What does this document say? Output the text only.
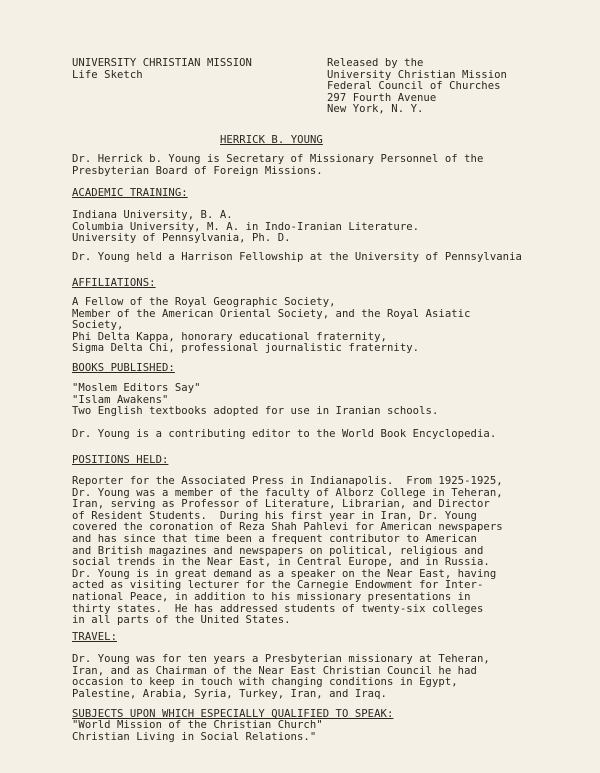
UNIVERSITY CHRISTIAN MISSION
Life Sketch
Released by the
University Christian Mission
Federal Council of Churches
297 Fourth Avenue
New York, N. Y.
HERRICK B. YOUNG
Dr. Herrick b. Young is Secretary of Missionary Personnel of the
Presbyterian Board of Foreign Missions.
ACADEMIC TRAINING:
Indiana University, B. A.
Columbia University, M. A. in Indo-Iranian Literature.
University of Pennsylvania, Ph. D.
Dr. Young held a Harrison Fellowship at the University of Pennsylvania
AFFILIATIONS:
A Fellow of the Royal Geographic Society,
Member of the American Oriental Society, and the Royal Asiatic
Society,
Phi Delta Kappa, honorary educational fraternity,
Sigma Delta Chi, professional journalistic fraternity.
BOOKS PUBLISHED:
"Moslem Editors Say"
"Islam Awakens"
Two English textbooks adopted for use in Iranian schools.
Dr. Young is a contributing editor to the World Book Encyclopedia.
POSITIONS HELD:
Reporter for the Associated Press in Indianapolis.  From 1925-1925,
Dr. Young was a member of the faculty of Alborz College in Teheran,
Iran, serving as Professor of Literature, Librarian, and Director
of Resident Students.  During his first year in Iran, Dr. Young
covered the coronation of Reza Shah Pahlevi for American newspapers
and has since that time been a frequent contributor to American
and British magazines and newspapers on political, religious and
social trends in the Near East, in Central Europe, and in Russia.
Dr. Young is in great demand as a speaker on the Near East, having
acted as visiting lecturer for the Carnegie Endowment for Inter-
national Peace, in addition to his missionary presentations in
thirty states.  He has addressed students of twenty-six colleges
in all parts of the United States.
TRAVEL:
Dr. Young was for ten years a Presbyterian missionary at Teheran,
Iran, and as Chairman of the Near East Christian Council he had
occasion to keep in touch with changing conditions in Egypt,
Palestine, Arabia, Syria, Turkey, Iran, and Iraq.
SUBJECTS UPON WHICH ESPECIALLY QUALIFIED TO SPEAK:
"World Mission of the Christian Church"
Christian Living in Social Relations."
